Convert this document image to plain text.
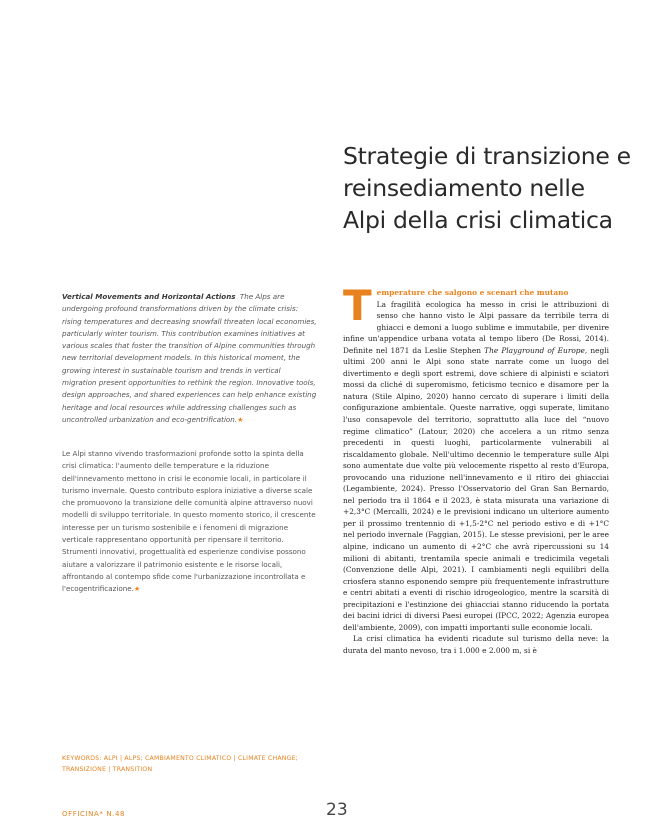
Strategie di transizione e reinsediamento nelle Alpi della crisi climatica
Vertical Movements and Horizontal Actions The Alps are undergoing profound transformations driven by the climate crisis: rising temperatures and decreasing snowfall threaten local economies, particularly winter tourism. This contribution examines initiatives at various scales that foster the transition of Alpine communities through new territorial development models. In this historical moment, the growing interest in sustainable tourism and trends in vertical migration present opportunities to rethink the region. Innovative tools, design approaches, and shared experiences can help enhance existing heritage and local resources while addressing challenges such as uncontrolled urbanization and eco-gentrification.★
Le Alpi stanno vivendo trasformazioni profonde sotto la spinta della crisi climatica: l'aumento delle temperature e la riduzione dell'innevamento mettono in crisi le economie locali, in particolare il turismo invernale. Questo contributo esplora iniziative a diverse scale che promuovono la transizione delle comunità alpine attraverso nuovi modelli di sviluppo territoriale. In questo momento storico, il crescente interesse per un turismo sostenibile e i fenomeni di migrazione verticale rappresentano opportunità per ripensare il territorio. Strumenti innovativi, progettualità ed esperienze condivise possono aiutare a valorizzare il patrimonio esistente e le risorse locali, affrontando al contempo sfide come l'urbanizzazione incontrollata e l'ecogentrificazione.★
KEYWORDS: ALPI | ALPS; CAMBIAMENTO CLIMATICO | CLIMATE CHANGE; TRANSIZIONE | TRANSITION

Temperature che salgono e scenari che mutano
La fragilità ecologica ha messo in crisi le attribuzioni di senso che hanno visto le Alpi passare da terribile terra di ghiacci e demoni a luogo sublime e immutabile, per divenire infine un'appendice urbana votata al tempo libero (De Rossi, 2014). Definite nel 1871 da Leslie Stephen The Playground of Europe, negli ultimi 200 anni le Alpi sono state narrate come un luogo del divertimento e degli sport estremi, dove schiere di alpinisti e sciatori mossi da cliché di superomismo, feticismo tecnico e disamore per la natura (Stile Alpino, 2020) hanno cercato di superare i limiti della configurazione ambientale. Queste narrative, oggi superate, limitano l'uso consapevole del territorio, soprattutto alla luce del “nuovo regime climatico” (Latour, 2020) che accelera a un ritmo senza precedenti in questi luoghi, particolarmente vulnerabili al riscaldamento globale. Nell'ultimo decennio le temperature sulle Alpi sono aumentate due volte più velocemente rispetto al resto d'Europa, provocando una riduzione nell'innevamento e il ritiro dei ghiacciai (Legambiente, 2024). Presso l'Osservatorio del Gran San Bernardo, nel periodo tra il 1864 e il 2023, è stata misurata una variazione di +2,3°C (Mercalli, 2024) e le previsioni indicano un ulteriore aumento per il prossimo trentennio di +1,5-2°C nel periodo estivo e di +1°C nel periodo invernale (Faggian, 2015). Le stesse previsioni, per le aree alpine, indicano un aumento di +2°C che avrà ripercussioni su 14 milioni di abitanti, trentamila specie animali e tredicimila vegetali (Convenzione delle Alpi, 2021). I cambiamenti negli equilibri della criosfera stanno esponendo sempre più frequentemente infrastrutture e centri abitati a eventi di rischio idrogeologico, mentre la scarsità di precipitazioni e l'estinzione dei ghiacciai stanno riducendo la portata dei bacini idrici di diversi Paesi europei (IPCC, 2022; Agenzia europea dell'ambiente, 2009), con impatti importanti sulle economie locali.

La crisi climatica ha evidenti ricadute sul turismo della neve: la durata del manto nevoso, tra i 1.000 e 2.000 m, si è

OFFICINA* N.48	23
